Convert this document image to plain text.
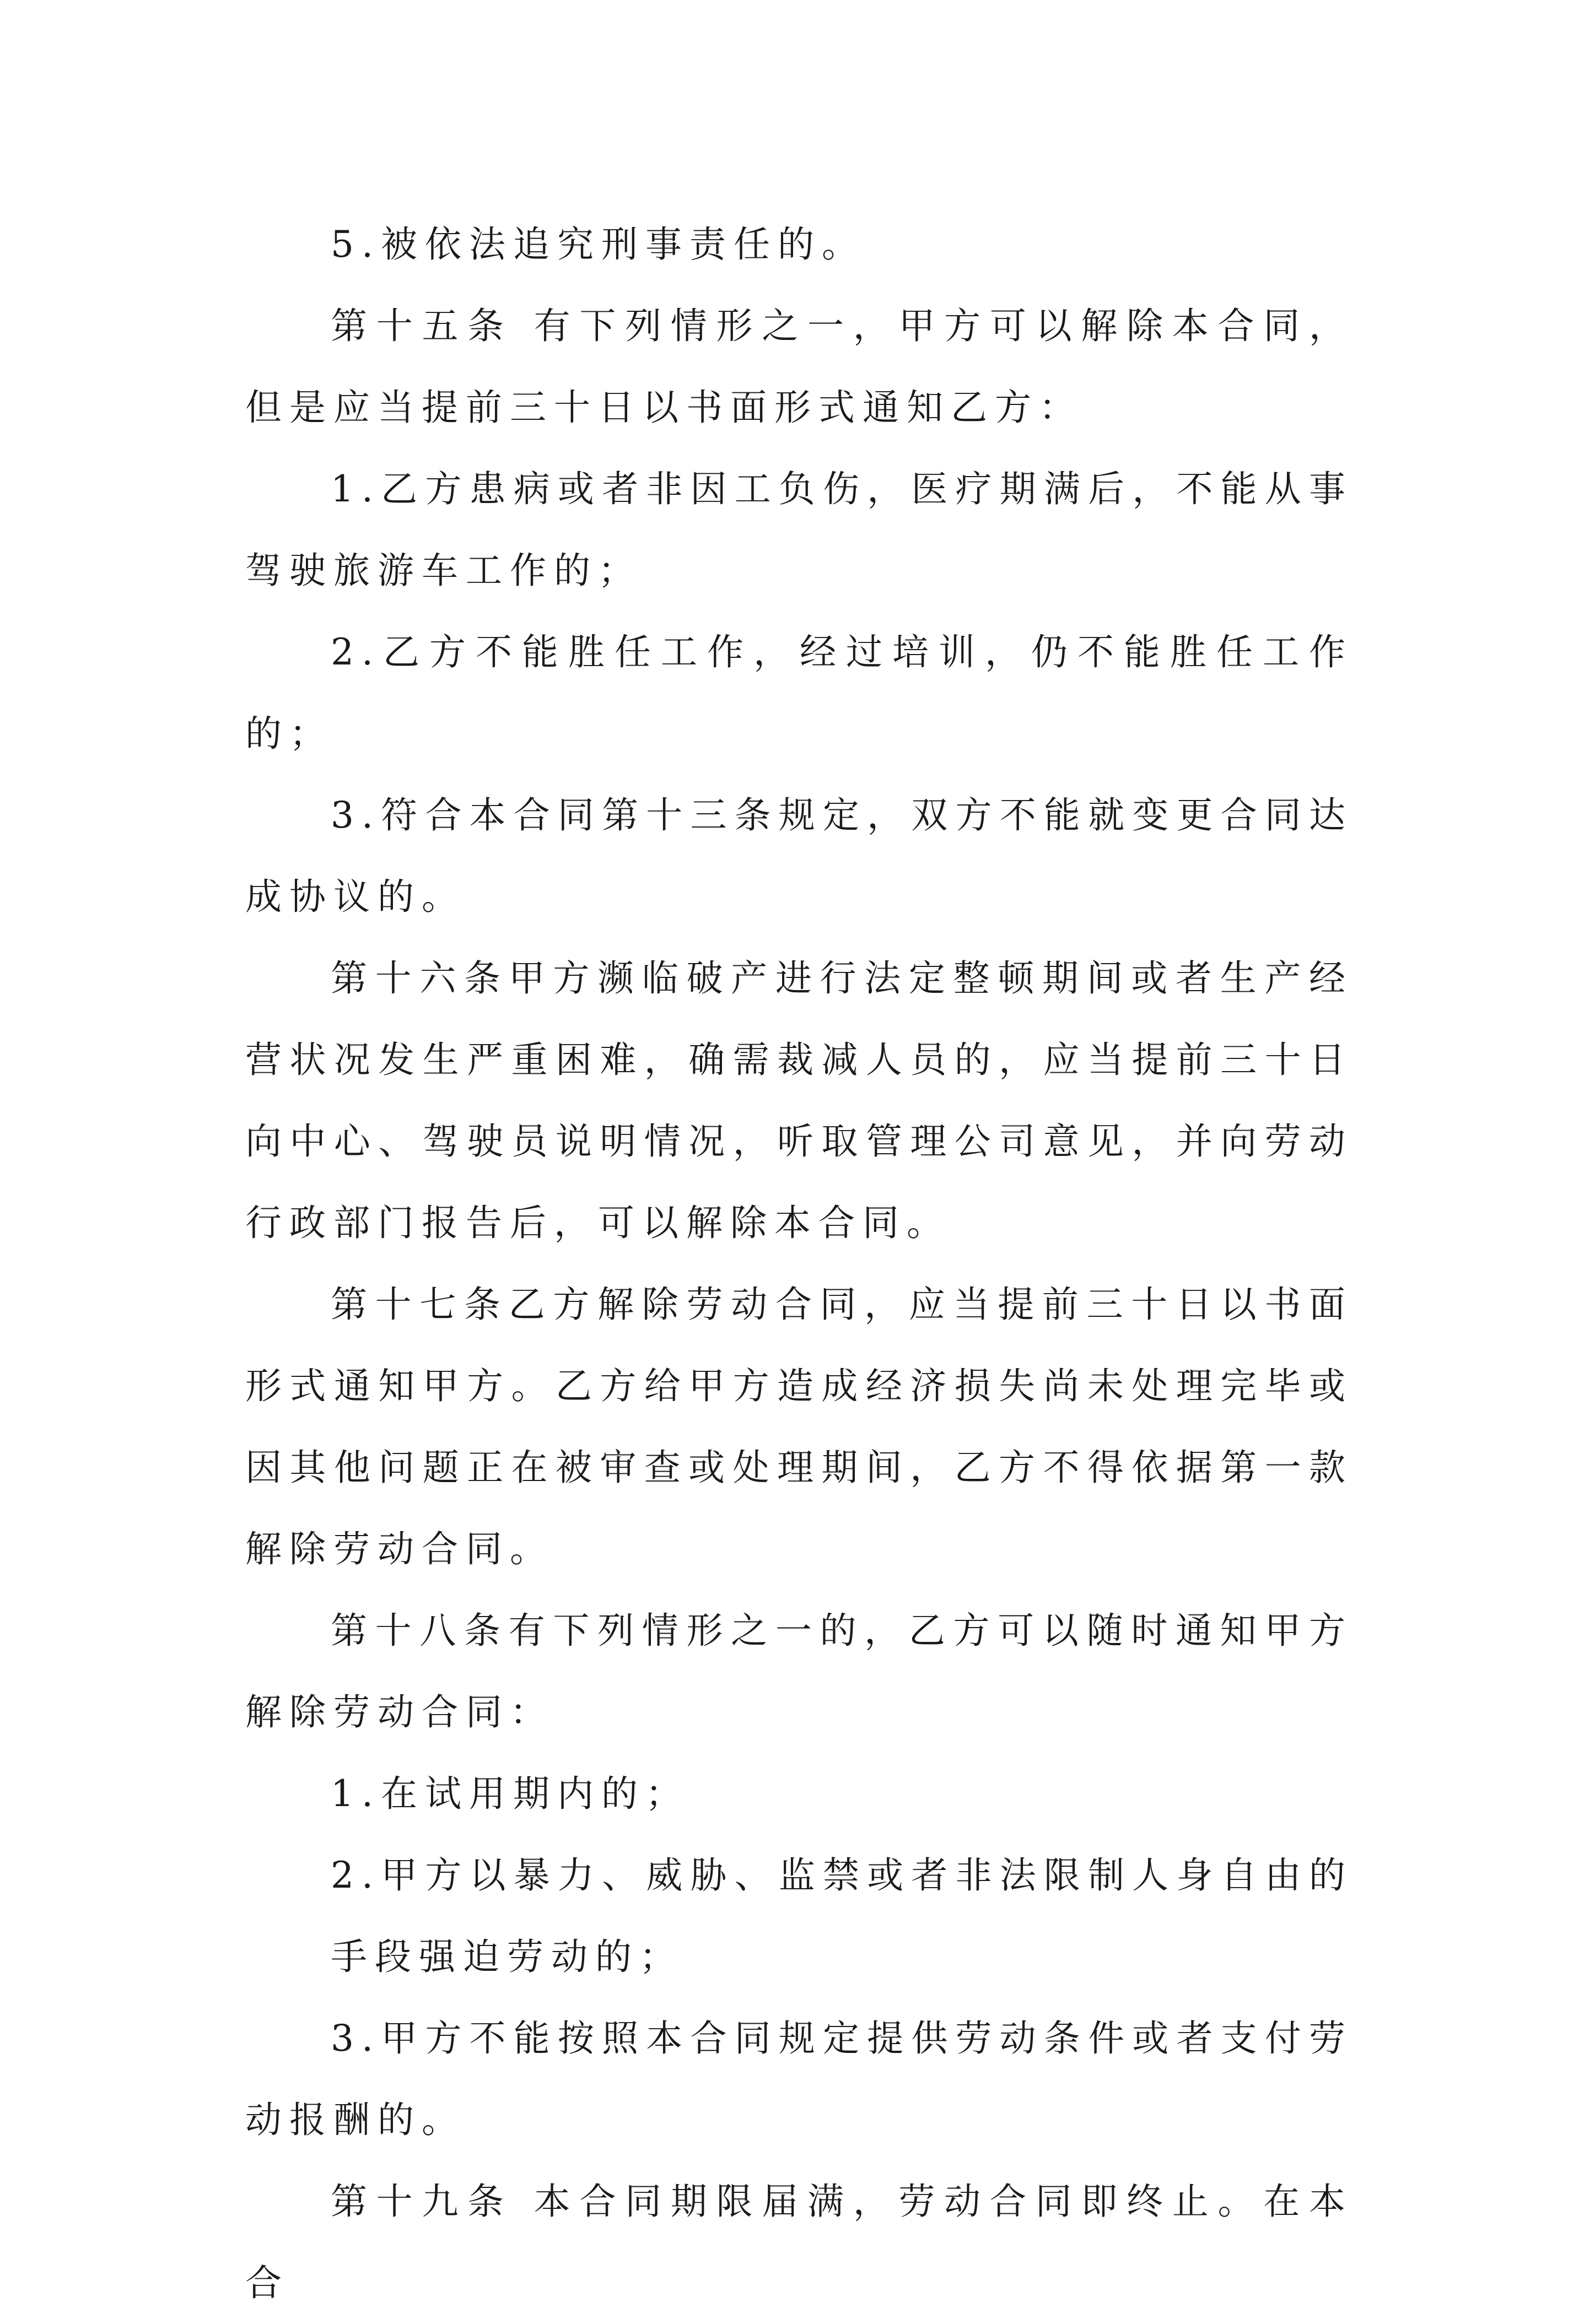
5.被依法追究刑事责任的。

第十五条 有下列情形之一，甲方可以解除本合同，但是应当提前三十日以书面形式通知乙方：

1.乙方患病或者非因工负伤，医疗期满后，不能从事驾驶旅游车工作的；

2.乙方不能胜任工作，经过培训，仍不能胜任工作的；

3.符合本合同第十三条规定，双方不能就变更合同达成协议的。

第十六条甲方濒临破产进行法定整顿期间或者生产经营状况发生严重困难，确需裁减人员的，应当提前三十日向中心、驾驶员说明情况，听取管理公司意见，并向劳动行政部门报告后，可以解除本合同。

第十七条乙方解除劳动合同，应当提前三十日以书面形式通知甲方。乙方给甲方造成经济损失尚未处理完毕或因其他问题正在被审查或处理期间，乙方不得依据第一款解除劳动合同。

第十八条有下列情形之一的，乙方可以随时通知甲方解除劳动合同：

1.在试用期内的；

2.甲方以暴力、威胁、监禁或者非法限制人身自由的手段强迫劳动的；

3.甲方不能按照本合同规定提供劳动条件或者支付劳动报酬的。

第十九条 本合同期限届满，劳动合同即终止。在本合
